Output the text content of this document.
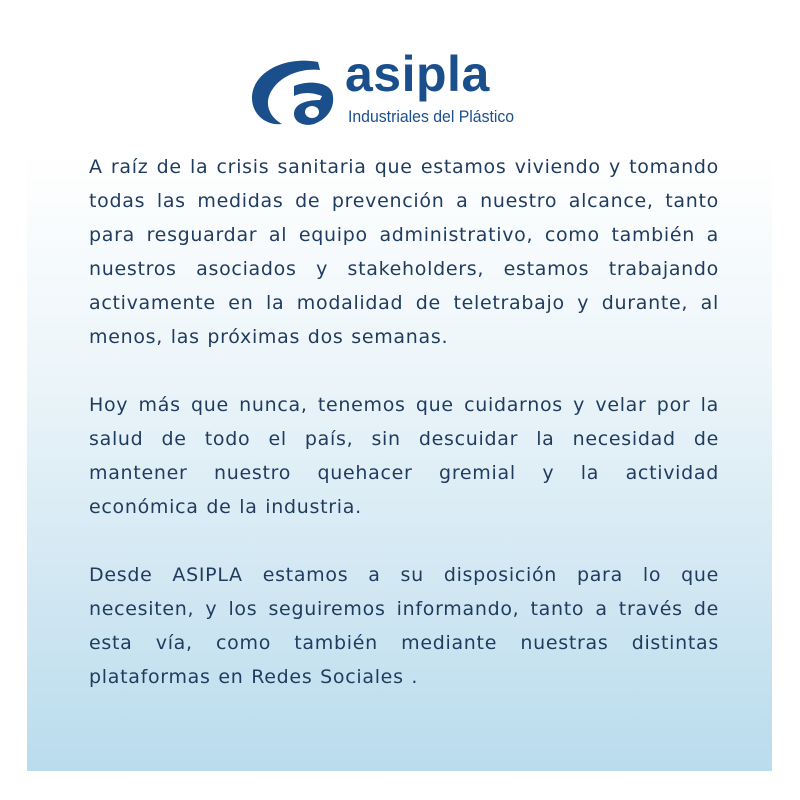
asipla
Industriales del Plástico

A raíz de la crisis sanitaria que estamos viviendo y tomando todas las medidas de prevención a nuestro alcance, tanto para resguardar al equipo administrativo, como también a nuestros asociados y stakeholders, estamos trabajando activamente en la modalidad de teletrabajo y durante, al menos, las próximas dos semanas.

Hoy más que nunca, tenemos que cuidarnos y velar por la salud de todo el país, sin descuidar la necesidad de mantener nuestro quehacer gremial y la actividad económica de la industria.

Desde ASIPLA estamos a su disposición para lo que necesiten, y los seguiremos informando, tanto a través de esta vía, como también mediante nuestras distintas plataformas en Redes Sociales .
